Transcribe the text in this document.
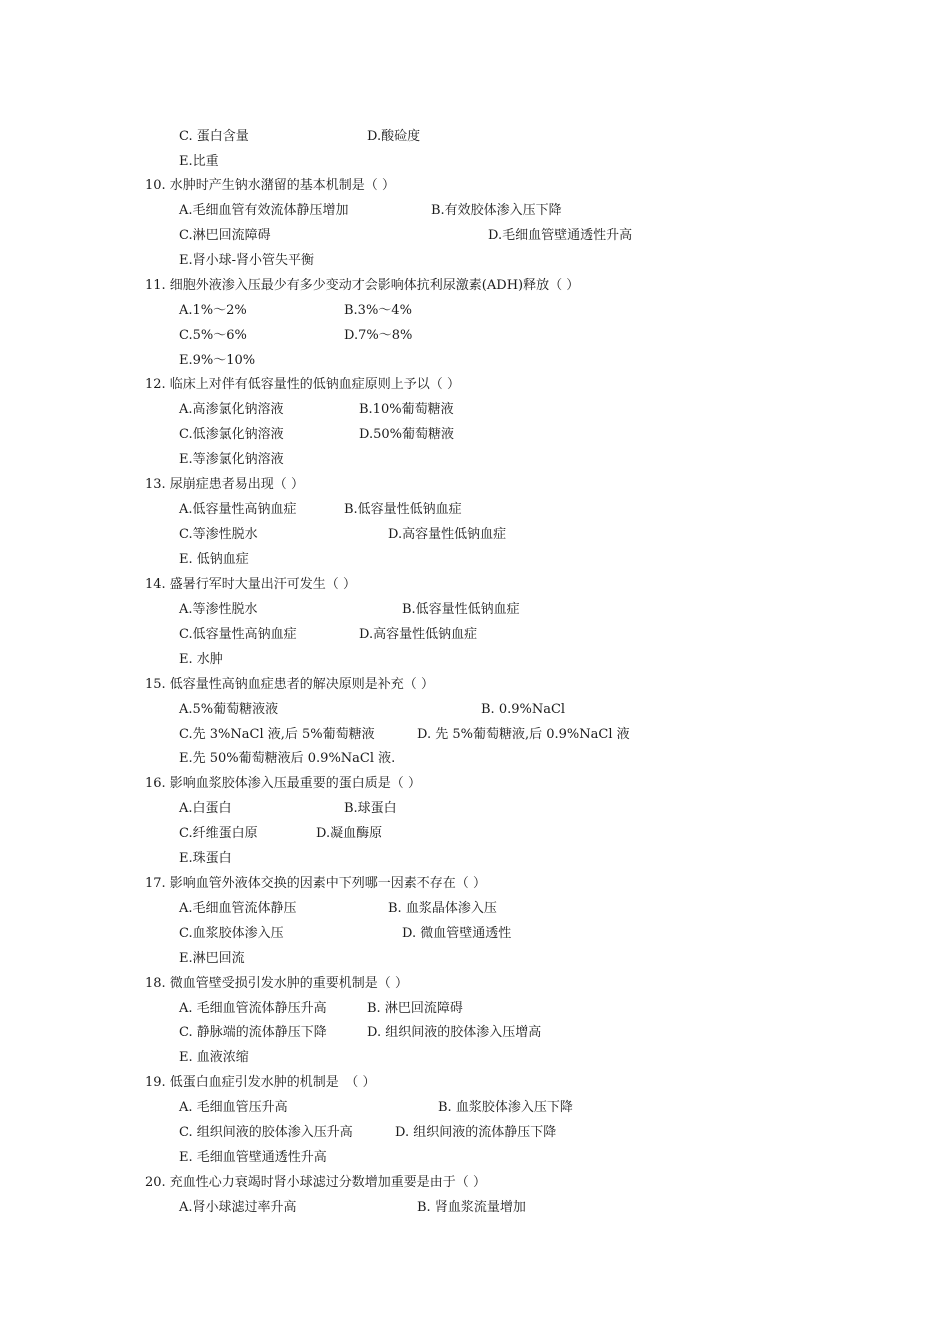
C. 蛋白含量	D.酸硷度
E.比重
10. 水肿时产生钠水潴留的基本机制是（ ）
A.毛细血管有效流体静压增加	B.有效胶体渗入压下降
C.淋巴回流障碍	D.毛细血管壁通透性升高
E.肾小球-肾小管失平衡
11. 细胞外液渗入压最少有多少变动才会影响体抗利尿激素(ADH)释放（ ）
A.1%～2%	B.3%～4%
C.5%～6%	D.7%～8%
E.9%～10%
12. 临床上对伴有低容量性的低钠血症原则上予以（ ）
A.高渗氯化钠溶液	B.10%葡萄糖液
C.低渗氯化钠溶液	D.50%葡萄糖液
E.等渗氯化钠溶液
13. 尿崩症患者易出现（ ）
A.低容量性高钠血症	B.低容量性低钠血症
C.等渗性脱水	D.高容量性低钠血症
E. 低钠血症
14. 盛暑行军时大量出汗可发生（ ）
A.等渗性脱水	B.低容量性低钠血症
C.低容量性高钠血症	D.高容量性低钠血症
E. 水肿
15. 低容量性高钠血症患者的解决原则是补充（ ）
A.5%葡萄糖液液	B. 0.9%NaCl
C.先 3%NaCl 液,后 5%葡萄糖液	D. 先 5%葡萄糖液,后 0.9%NaCl 液
E.先 50%葡萄糖液后 0.9%NaCl 液.
16. 影响血浆胶体渗入压最重要的蛋白质是（ ）
A.白蛋白	B.球蛋白
C.纤维蛋白原	D.凝血酶原
E.珠蛋白
17. 影响血管外液体交换的因素中下列哪一因素不存在（ ）
A.毛细血管流体静压	B. 血浆晶体渗入压
C.血浆胶体渗入压	D. 微血管壁通透性
E.淋巴回流
18. 微血管壁受损引发水肿的重要机制是（ ）
A. 毛细血管流体静压升高	B. 淋巴回流障碍
C. 静脉端的流体静压下降	D. 组织间液的胶体渗入压增高
E. 血液浓缩
19. 低蛋白血症引发水肿的机制是　（ ）
A. 毛细血管压升高	B. 血浆胶体渗入压下降
C. 组织间液的胶体渗入压升高	D. 组织间液的流体静压下降
E. 毛细血管壁通透性升高
20. 充血性心力衰竭时肾小球滤过分数增加重要是由于（ ）
A.肾小球滤过率升高	B. 肾血浆流量增加
